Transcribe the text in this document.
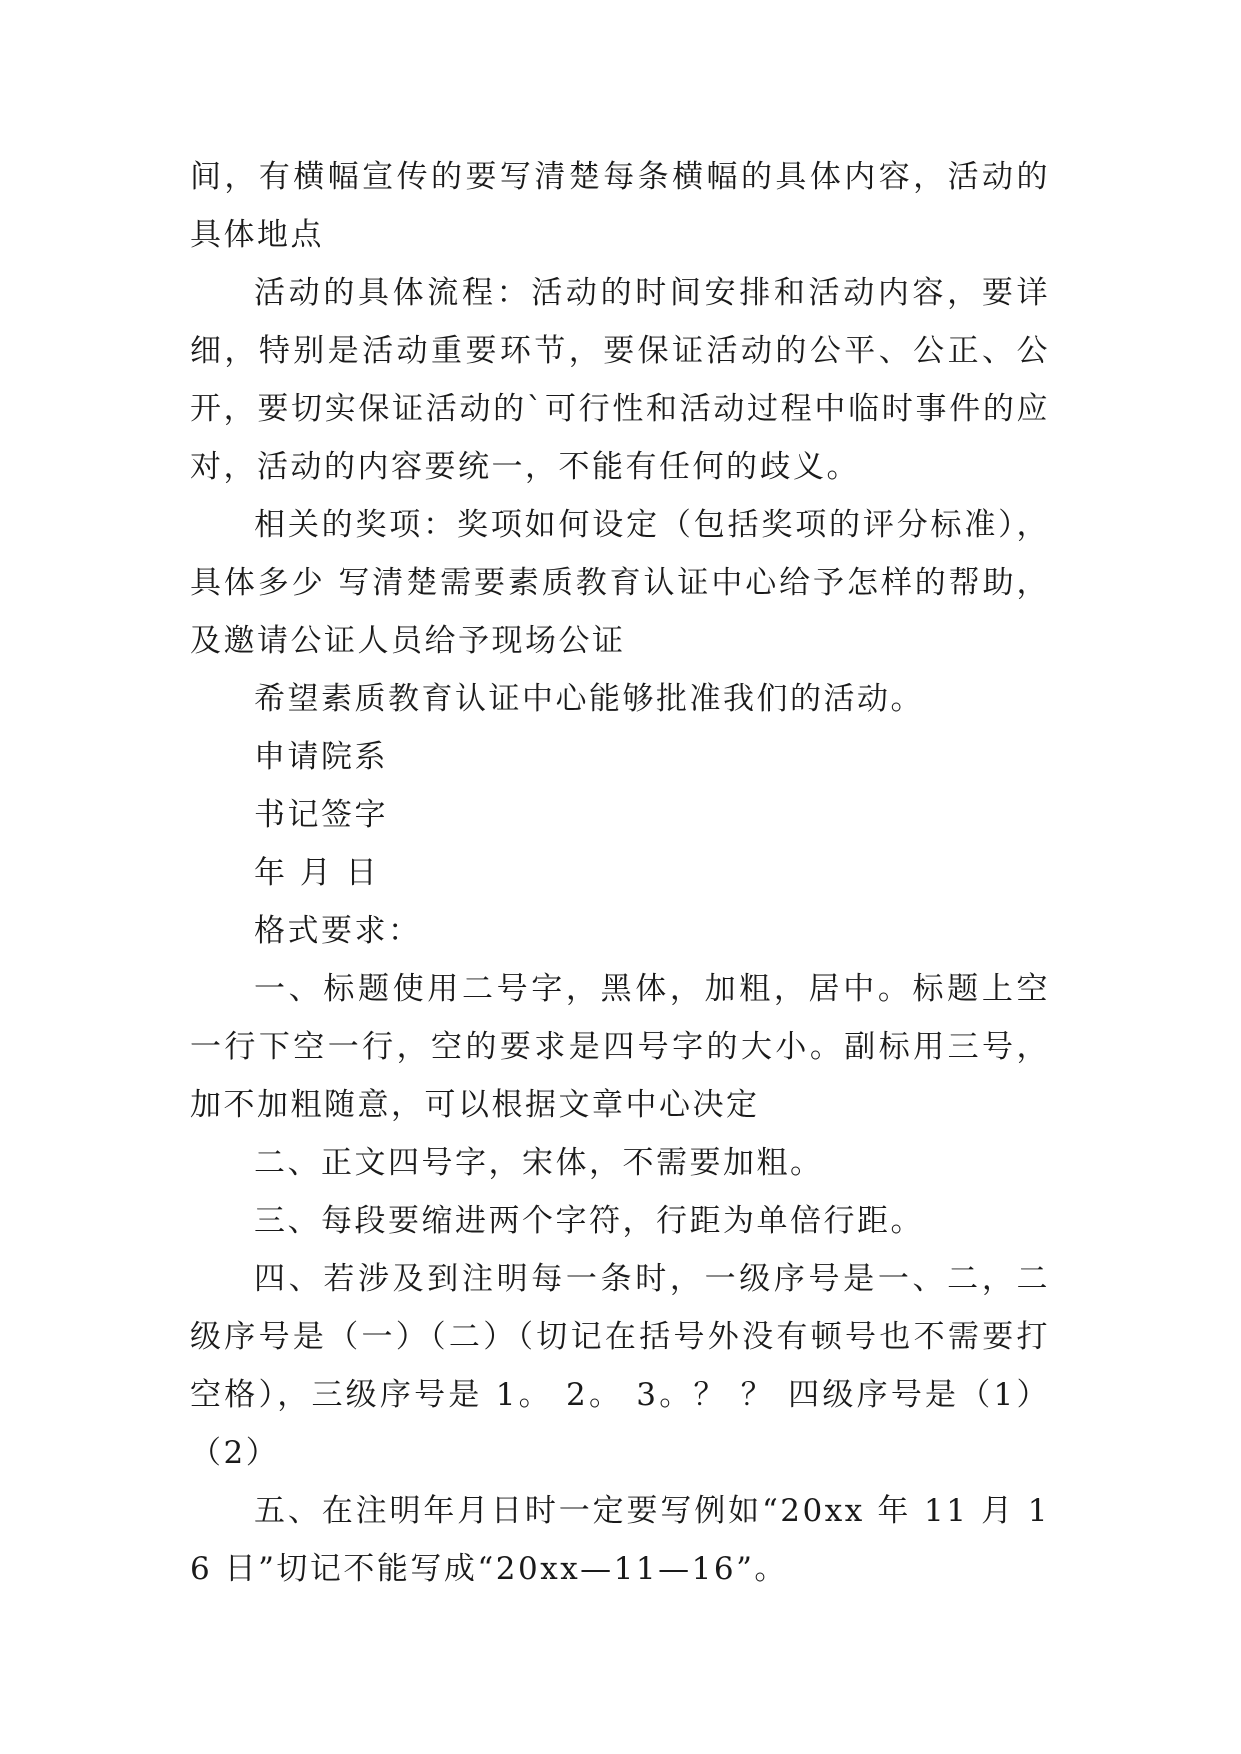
间，有横幅宣传的要写清楚每条横幅的具体内容，活动的具体地点

活动的具体流程：活动的时间安排和活动内容，要详细，特别是活动重要环节，要保证活动的公平、公正、公开，要切实保证活动的`可行性和活动过程中临时事件的应对，活动的内容要统一，不能有任何的歧义。

相关的奖项：奖项如何设定（包括奖项的评分标准），具体多少 写清楚需要素质教育认证中心给予怎样的帮助，及邀请公证人员给予现场公证

希望素质教育认证中心能够批准我们的活动。

申请院系

书记签字

年 月 日

格式要求：

一、标题使用二号字，黑体，加粗，居中。标题上空一行下空一行，空的要求是四号字的大小。副标用三号，加不加粗随意，可以根据文章中心决定

二、正文四号字，宋体，不需要加粗。

三、每段要缩进两个字符，行距为单倍行距。

四、若涉及到注明每一条时，一级序号是一、二，二级序号是（一）（二）（切记在括号外没有顿号也不需要打空格），三级序号是 1。 2。 3。？ ？ 四级序号是（1）（2）

五、在注明年月日时一定要写例如“20xx 年 11 月 16 日”切记不能写成“20xx—11—16”。
